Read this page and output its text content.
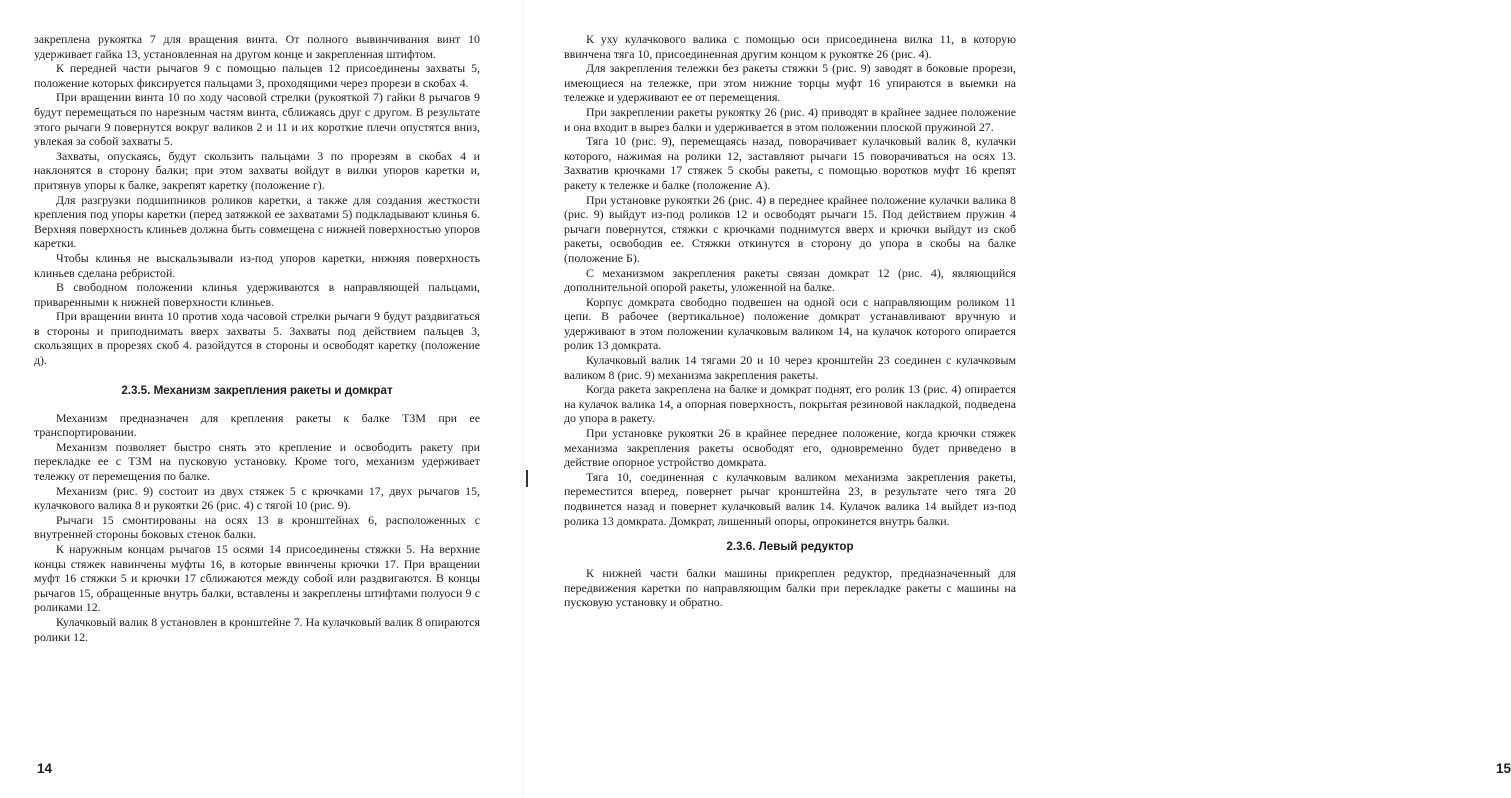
закреплена рукоятка 7 для вращения винта. От полного вывинчивания винт 10 удерживает гайка 13, установленная на другом конце и закрепленная штифтом.

К передней части рычагов 9 с помощью пальцев 12 присоединены захваты 5, положение которых фиксируется пальцами 3, проходящими через прорези в скобах 4.

При вращении винта 10 по ходу часовой стрелки (рукояткой 7) гайки 8 рычагов 9 будут перемещаться по нарезным частям винта, сближаясь друг с другом. В результате этого рычаги 9 повернутся вокруг валиков 2 и 11 и их короткие плечи опустятся вниз, увлекая за собой захваты 5.

Захваты, опускаясь, будут скользить пальцами 3 по прорезям в скобах 4 и наклонятся в сторону балки; при этом захваты войдут в вилки упоров каретки и, притянув упоры к балке, закрепят каретку (положение г).

Для разгрузки подшипников роликов каретки, а также для создания жесткости крепления под упоры каретки (перед затяжкой ее захватами 5) подкладывают клинья 6. Верхняя поверхность клиньев должна быть совмещена с нижней поверхностью упоров каретки.

Чтобы клинья не выскальзывали из-под упоров каретки, нижняя поверхность клиньев сделана ребристой.

В свободном положении клинья удерживаются в направляющей пальцами, приваренными к нижней поверхности клиньев.

При вращении винта 10 против хода часовой стрелки рычаги 9 будут раздвигаться в стороны и приподнимать вверх захваты 5. Захваты под действием пальцев 3, скользящих в прорезях скоб 4. разойдутся в стороны и освободят каретку (положение д).

2.3.5. Механизм закрепления ракеты и домкрат

Механизм предназначен для крепления ракеты к балке ТЗМ при ее транспортировании.

Механизм позволяет быстро снять это крепление и освободить ракету при перекладке ее с ТЗМ на пусковую установку. Кроме того, механизм удерживает тележку от перемещения по балке.

Механизм (рис. 9) состоит из двух стяжек 5 с крючками 17, двух рычагов 15, кулачкового валика 8 и рукоятки 26 (рис. 4) с тягой 10 (рис. 9).

Рычаги 15 смонтированы на осях 13 в кронштейнах 6, расположенных с внутренней стороны боковых стенок балки.

К наружным концам рычагов 15 осями 14 присоединены стяжки 5. На верхние концы стяжек навинчены муфты 16, в которые ввинчены крючки 17. При вращении муфт 16 стяжки 5 и крючки 17 сближаются между собой или раздвигаются. В концы рычагов 15, обращенные внутрь балки, вставлены и закреплены штифтами полуоси 9 с роликами 12.

Кулачковый валик 8 установлен в кронштейне 7. На кулачковый валик 8 опираются ролики 12.

14

К уху кулачкового валика с помощью оси присоединена вилка 11, в которую ввинчена тяга 10, присоединенная другим концом к рукоятке 26 (рис. 4).

Для закрепления тележки без ракеты стяжки 5 (рис. 9) заводят в боковые прорези, имеющиеся на тележке, при этом нижние торцы муфт 16 упираются в выемки на тележке и удерживают ее от перемещения.

При закреплении ракеты рукоятку 26 (рис. 4) приводят в крайнее заднее положение и она входит в вырез балки и удерживается в этом положении плоской пружиной 27.

Тяга 10 (рис. 9), перемещаясь назад, поворачивает кулачковый валик 8, кулачки которого, нажимая на ролики 12, заставляют рычаги 15 поворачиваться на осях 13. Захватив крючками 17 стяжек 5 скобы ракеты, с помощью воротков муфт 16 крепят ракету к тележке и балке (положение А).

При установке рукоятки 26 (рис. 4) в переднее крайнее положение кулачки валика 8 (рис. 9) выйдут из-под роликов 12 и освободят рычаги 15. Под действием пружин 4 рычаги повернутся, стяжки с крючками поднимутся вверх и крючки выйдут из скоб ракеты, освободив ее. Стяжки откинутся в сторону до упора в скобы на балке (положение Б).

С механизмом закрепления ракеты связан домкрат 12 (рис. 4), являющийся дополнительной опорой ракеты, уложенной на балке.

Корпус домкрата свободно подвешен на одной оси с направляющим роликом 11 цепи. В рабочее (вертикальное) положение домкрат устанавливают вручную и удерживают в этом положении кулачковым валиком 14, на кулачок которого опирается ролик 13 домкрата.

Кулачковый валик 14 тягами 20 и 10 через кронштейн 23 соединен с кулачковым валиком 8 (рис. 9) механизма закрепления ракеты.

Когда ракета закреплена на балке и домкрат поднят, его ролик 13 (рис. 4) опирается на кулачок валика 14, а опорная поверхность, покрытая резиновой накладкой, подведена до упора в ракету.

При установке рукоятки 26 в крайнее переднее положение, когда крючки стяжек механизма закрепления ракеты освободят его, одновременно будет приведено в действие опорное устройство домкрата.

Тяга 10, соединенная с кулачковым валиком механизма закрепления ракеты, переместится вперед, повернет рычаг кронштейна 23, в результате чего тяга 20 подвинется назад и повернет кулачковый валик 14. Кулачок валика 14 выйдет из-под ролика 13 домкрата. Домкрат, лишенный опоры, опрокинется внутрь балки.

2.3.6. Левый редуктор

К нижней части балки машины прикреплен редуктор, предназначенный для передвижения каретки по направляющим балки при перекладке ракеты с машины на пусковую установку и обратно.

15
